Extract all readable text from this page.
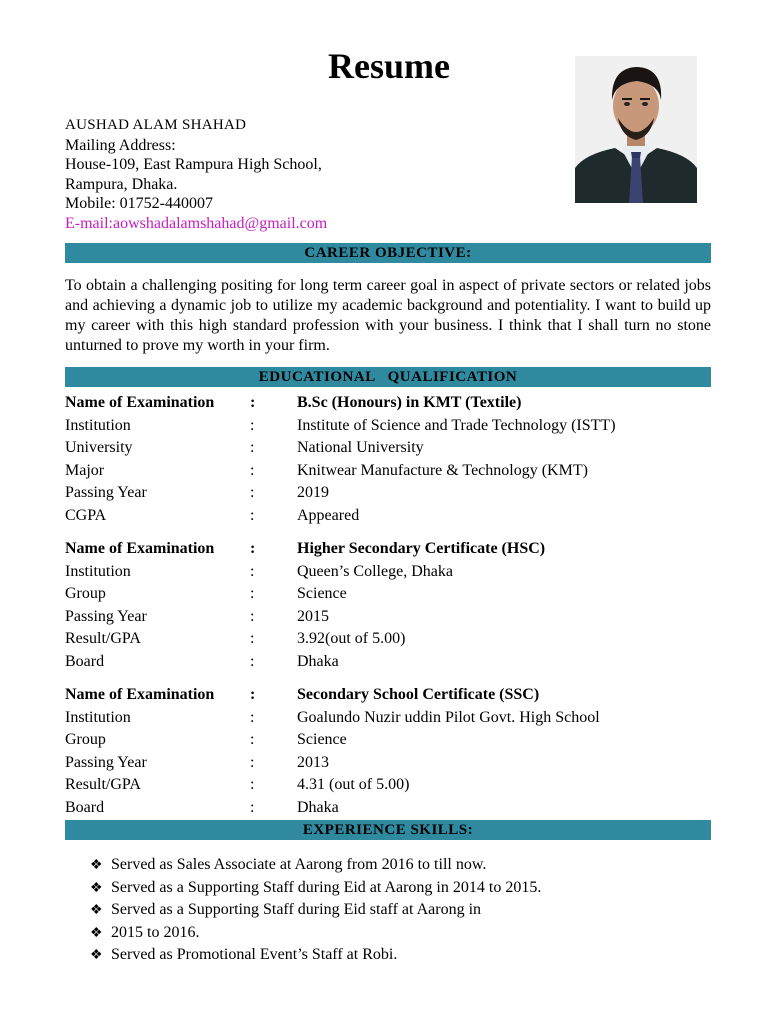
Resume
AUSHAD ALAM SHAHAD
Mailing Address:
House-109, East Rampura High School,
Rampura, Dhaka.
Mobile: 01752-440007
E-mail:aowshadalamshahad@gmail.com
CAREER OBJECTIVE:
To obtain a challenging positing for long term career goal in aspect of private sectors or related jobs and achieving a dynamic job to utilize my academic background and potentiality. I want to build up my career with this high standard profession with your business. I think that I shall turn no stone unturned to prove my worth in your firm.
EDUCATIONAL   QUALIFICATION
Name of Examination :	B.Sc (Honours) in KMT (Textile)
Institution	:	Institute of Science and Trade Technology (ISTT)
University	:	National University
Major	:	Knitwear Manufacture & Technology (KMT)
Passing Year	:	2019
CGPA	:	Appeared
Name of Examination :	Higher Secondary Certificate (HSC)
Institution	:	Queen’s College, Dhaka
Group	:	Science
Passing Year	:	2015
Result/GPA	:	3.92(out of 5.00)
Board	:	Dhaka
Name of Examination :	Secondary School Certificate (SSC)
Institution	:	Goalundo Nuzir uddin Pilot Govt. High School
Group	:	Science
Passing Year	:	2013
Result/GPA	:	4.31 (out of 5.00)
Board	:	Dhaka
EXPERIENCE SKILLS:
❖ Served as Sales Associate at Aarong from 2016 to till now.
❖ Served as a Supporting Staff during Eid at Aarong in 2014 to 2015.
❖ Served as a Supporting Staff during Eid staff at Aarong in
❖ 2015 to 2016.
❖ Served as Promotional Event’s Staff at Robi.
